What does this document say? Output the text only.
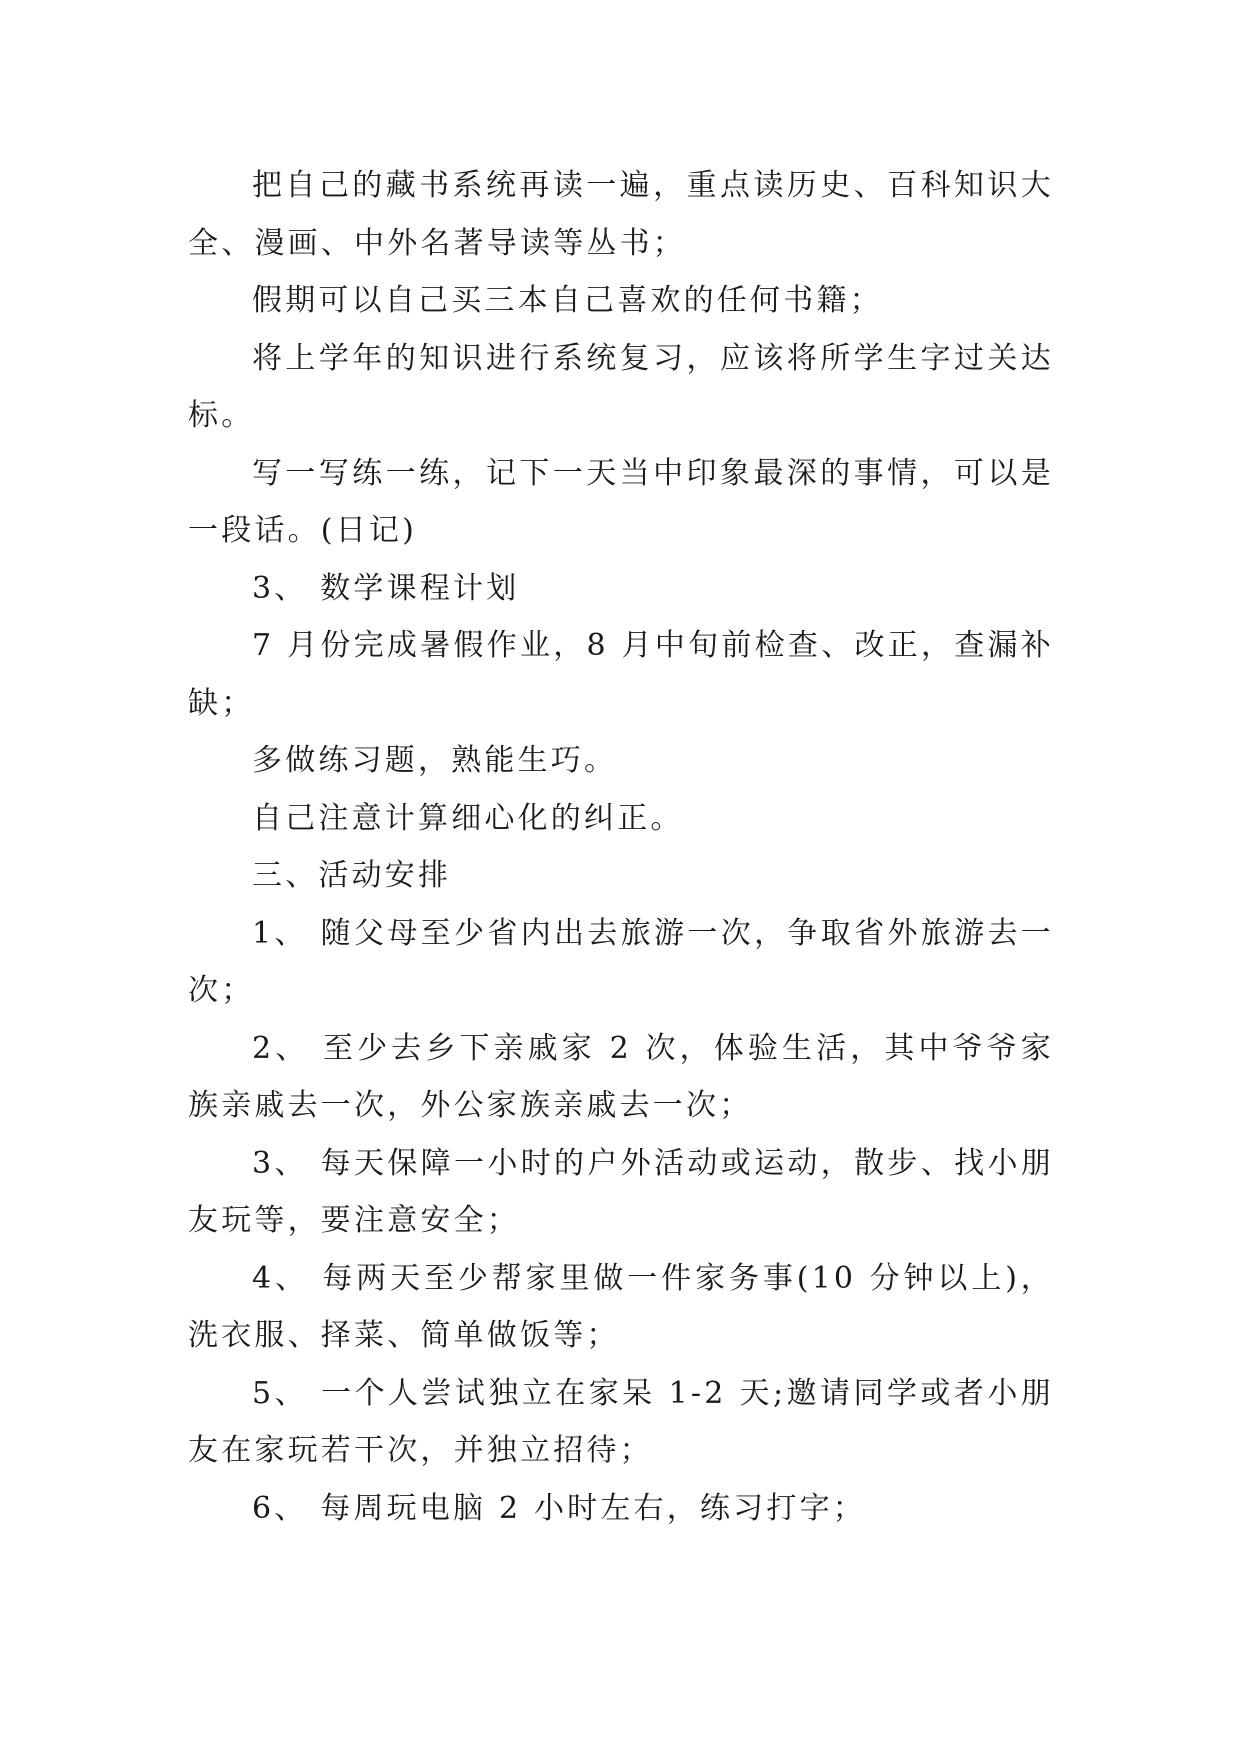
把自己的藏书系统再读一遍，重点读历史、百科知识大全、漫画、中外名著导读等丛书；

假期可以自己买三本自己喜欢的任何书籍；

将上学年的知识进行系统复习，应该将所学生字过关达标。

写一写练一练，记下一天当中印象最深的事情，可以是一段话。(日记)

3、 数学课程计划

7 月份完成暑假作业，8 月中旬前检查、改正，查漏补缺；

多做练习题，熟能生巧。

自己注意计算细心化的纠正。

三、活动安排

1、 随父母至少省内出去旅游一次，争取省外旅游去一次；

2、 至少去乡下亲戚家 2 次，体验生活，其中爷爷家族亲戚去一次，外公家族亲戚去一次；

3、 每天保障一小时的户外活动或运动，散步、找小朋友玩等，要注意安全；

4、 每两天至少帮家里做一件家务事(10 分钟以上)，洗衣服、择菜、简单做饭等；

5、 一个人尝试独立在家呆 1-2 天;邀请同学或者小朋友在家玩若干次，并独立招待；

6、 每周玩电脑 2 小时左右，练习打字；
